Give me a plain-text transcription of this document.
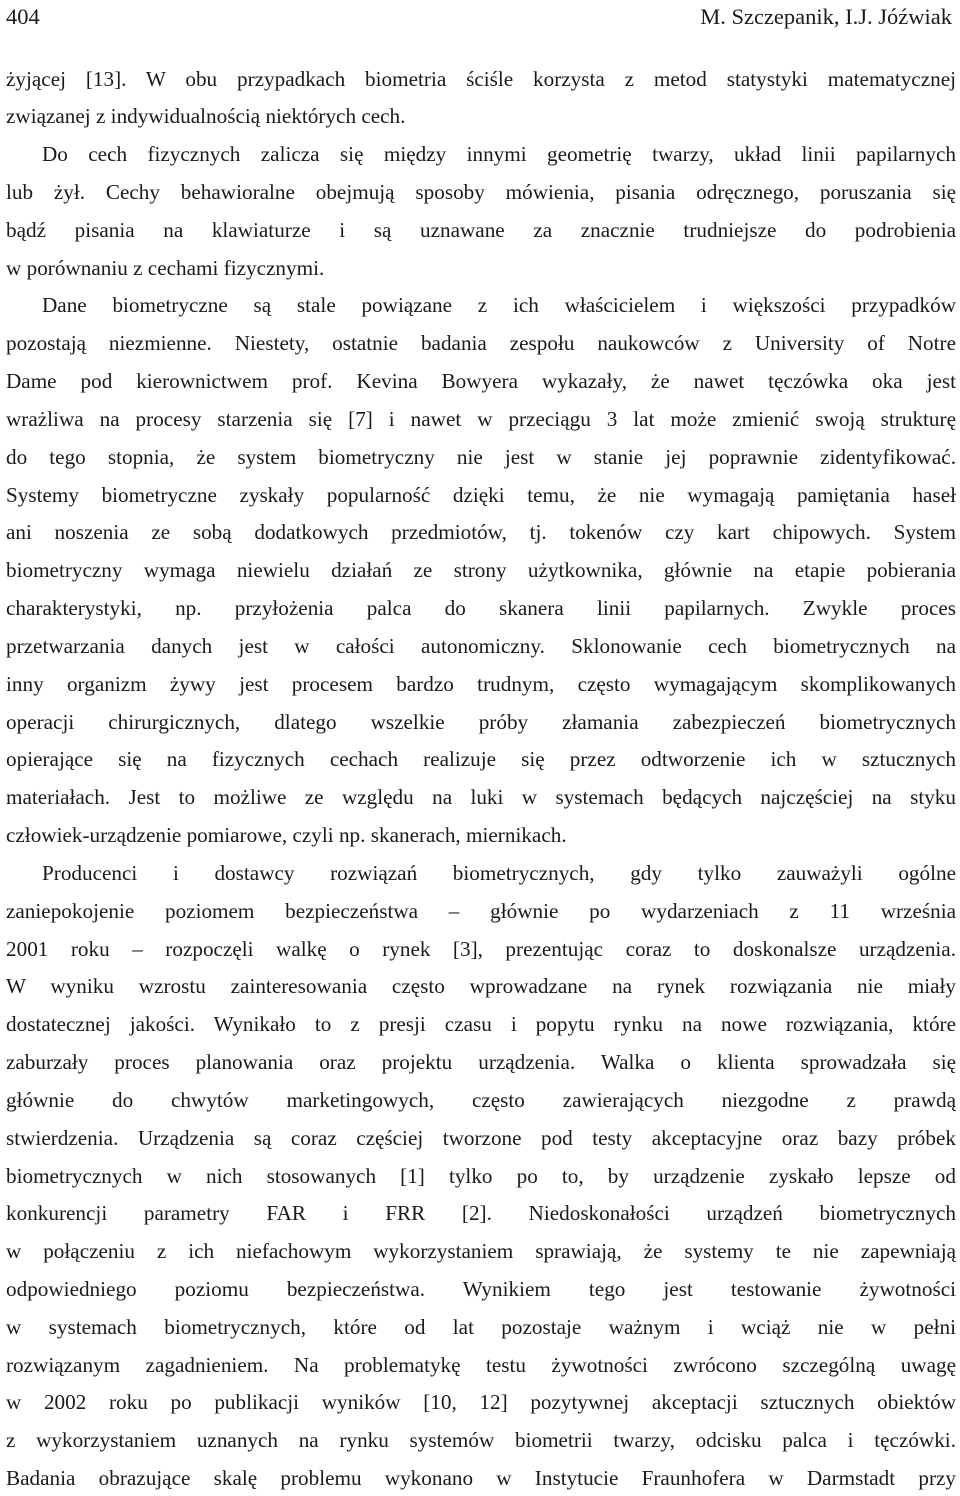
404	M. Szczepanik, I.J. Jóźwiak
żyjącej [13]. W obu przypadkach biometria ściśle korzysta z metod statystyki matematycznej
związanej z indywidualnością niektórych cech.
Do cech fizycznych zalicza się między innymi geometrię twarzy, układ linii papilarnych
lub żył. Cechy behawioralne obejmują sposoby mówienia, pisania odręcznego, poruszania się
bądź pisania na klawiaturze i są uznawane za znacznie trudniejsze do podrobienia
w porównaniu z cechami fizycznymi.
Dane biometryczne są stale powiązane z ich właścicielem i większości przypadków
pozostają niezmienne. Niestety, ostatnie badania zespołu naukowców z University of Notre
Dame pod kierownictwem prof. Kevina Bowyera wykazały, że nawet tęczówka oka jest
wrażliwa na procesy starzenia się [7] i nawet w przeciągu 3 lat może zmienić swoją strukturę
do tego stopnia, że system biometryczny nie jest w stanie jej poprawnie zidentyfikować.
Systemy biometryczne zyskały popularność dzięki temu, że nie wymagają pamiętania haseł
ani noszenia ze sobą dodatkowych przedmiotów, tj. tokenów czy kart chipowych. System
biometryczny wymaga niewielu działań ze strony użytkownika, głównie na etapie pobierania
charakterystyki, np. przyłożenia palca do skanera linii papilarnych. Zwykle proces
przetwarzania danych jest w całości autonomiczny. Sklonowanie cech biometrycznych na
inny organizm żywy jest procesem bardzo trudnym, często wymagającym skomplikowanych
operacji chirurgicznych, dlatego wszelkie próby złamania zabezpieczeń biometrycznych
opierające się na fizycznych cechach realizuje się przez odtworzenie ich w sztucznych
materiałach. Jest to możliwe ze względu na luki w systemach będących najczęściej na styku
człowiek-urządzenie pomiarowe, czyli np. skanerach, miernikach.
Producenci i dostawcy rozwiązań biometrycznych, gdy tylko zauważyli ogólne
zaniepokojenie poziomem bezpieczeństwa – głównie po wydarzeniach z 11 września
2001 roku – rozpoczęli walkę o rynek [3], prezentując coraz to doskonalsze urządzenia.
W wyniku wzrostu zainteresowania często wprowadzane na rynek rozwiązania nie miały
dostatecznej jakości. Wynikało to z presji czasu i popytu rynku na nowe rozwiązania, które
zaburzały proces planowania oraz projektu urządzenia. Walka o klienta sprowadzała się
głównie do chwytów marketingowych, często zawierających niezgodne z prawdą
stwierdzenia. Urządzenia są coraz częściej tworzone pod testy akceptacyjne oraz bazy próbek
biometrycznych w nich stosowanych [1] tylko po to, by urządzenie zyskało lepsze od
konkurencji parametry FAR i FRR [2]. Niedoskonałości urządzeń biometrycznych
w połączeniu z ich niefachowym wykorzystaniem sprawiają, że systemy te nie zapewniają
odpowiedniego poziomu bezpieczeństwa. Wynikiem tego jest testowanie żywotności
w systemach biometrycznych, które od lat pozostaje ważnym i wciąż nie w pełni
rozwiązanym zagadnieniem. Na problematykę testu żywotności zwrócono szczególną uwagę
w 2002 roku po publikacji wyników [10, 12] pozytywnej akceptacji sztucznych obiektów
z wykorzystaniem uznanych na rynku systemów biometrii twarzy, odcisku palca i tęczówki.
Badania obrazujące skalę problemu wykonano w Instytucie Fraunhofera w Darmstadt przy
